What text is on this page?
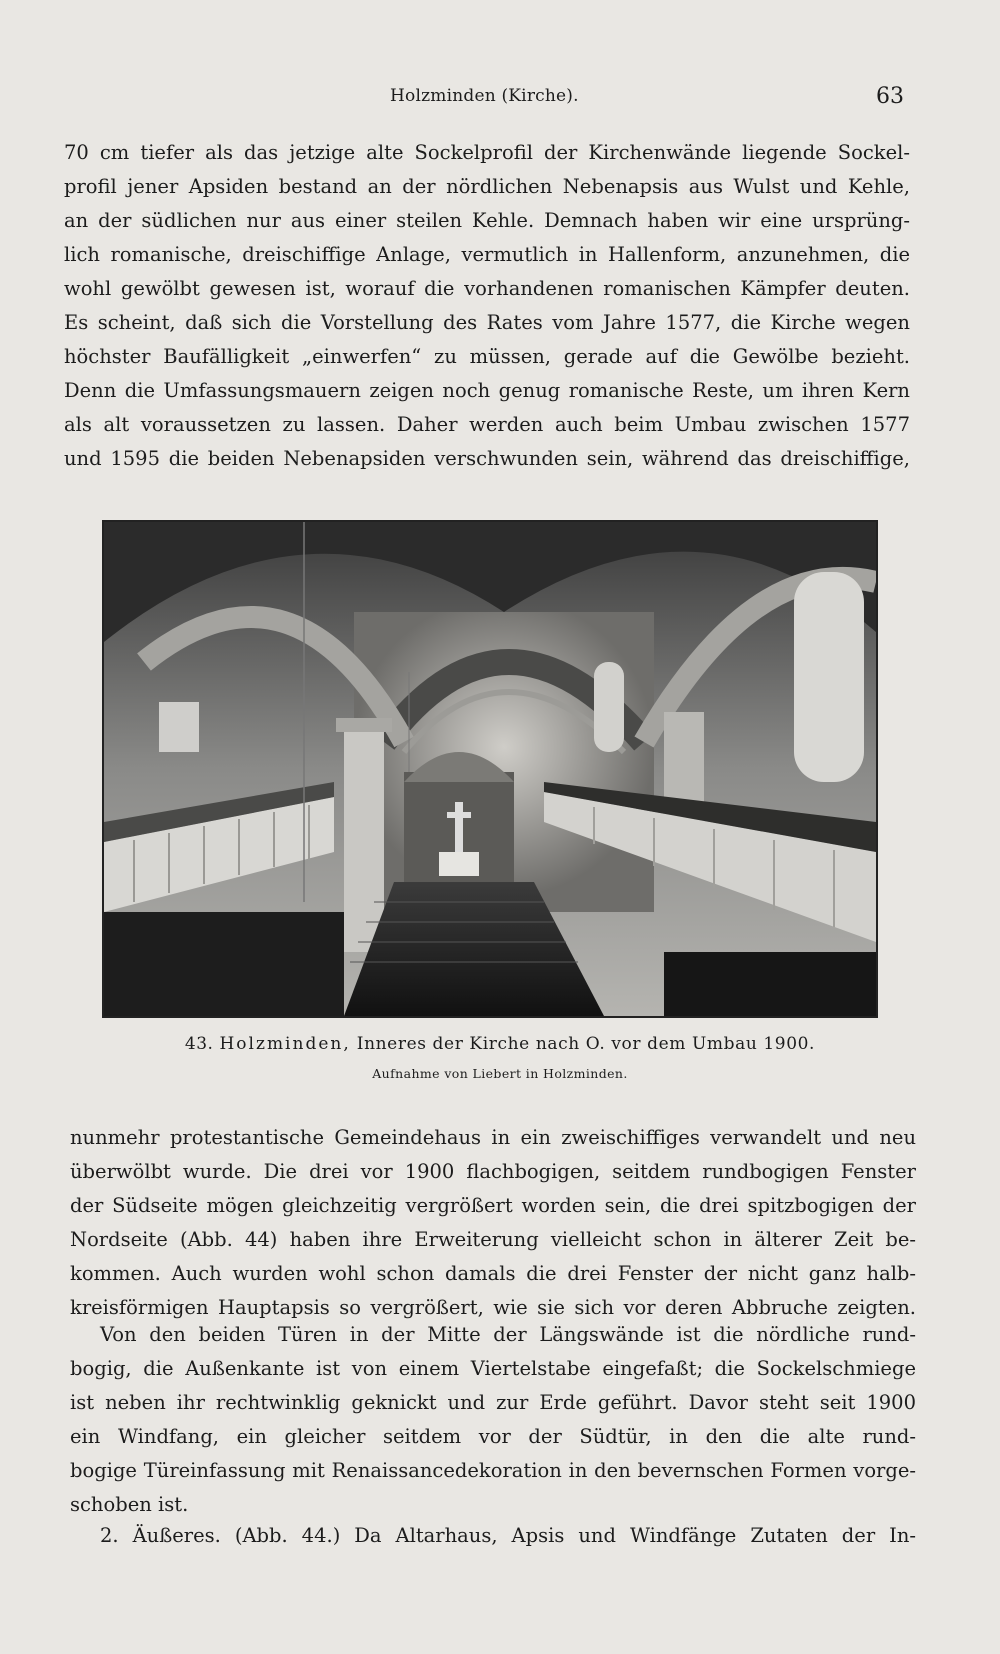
Holzminden (Kirche).	63
70 cm tiefer als das jetzige alte Sockelprofil der Kirchenwände liegende Sockel-
profil jener Apsiden bestand an der nördlichen Nebenapsis aus Wulst und Kehle,
an der südlichen nur aus einer steilen Kehle. Demnach haben wir eine ursprüng-
lich romanische, dreischiffige Anlage, vermutlich in Hallenform, anzunehmen, die
wohl gewölbt gewesen ist, worauf die vorhandenen romanischen Kämpfer deuten.
Es scheint, daß sich die Vorstellung des Rates vom Jahre 1577, die Kirche wegen
höchster Baufälligkeit „einwerfen“ zu müssen, gerade auf die Gewölbe bezieht.
Denn die Umfassungsmauern zeigen noch genug romanische Reste, um ihren Kern
als alt voraussetzen zu lassen. Daher werden auch beim Umbau zwischen 1577
und 1595 die beiden Nebenapsiden verschwunden sein, während das dreischiffige,
43. Holzminden, Inneres der Kirche nach O. vor dem Umbau 1900.
Aufnahme von Liebert in Holzminden.
nunmehr protestantische Gemeindehaus in ein zweischiffiges verwandelt und neu
überwölbt wurde. Die drei vor 1900 flachbogigen, seitdem rundbogigen Fenster
der Südseite mögen gleichzeitig vergrößert worden sein, die drei spitzbogigen der
Nordseite (Abb. 44) haben ihre Erweiterung vielleicht schon in älterer Zeit be-
kommen. Auch wurden wohl schon damals die drei Fenster der nicht ganz halb-
kreisförmigen Hauptapsis so vergrößert, wie sie sich vor deren Abbruche zeigten.
Von den beiden Türen in der Mitte der Längswände ist die nördliche rund-
bogig, die Außenkante ist von einem Viertelstabe eingefaßt; die Sockelschmiege
ist neben ihr rechtwinklig geknickt und zur Erde geführt. Davor steht seit 1900
ein Windfang, ein gleicher seitdem vor der Südtür, in den die alte rund-
bogige Türeinfassung mit Renaissancedekoration in den bevernschen Formen vorge-
schoben ist.
2. Äußeres. (Abb. 44.) Da Altarhaus, Apsis und Windfänge Zutaten der In-
